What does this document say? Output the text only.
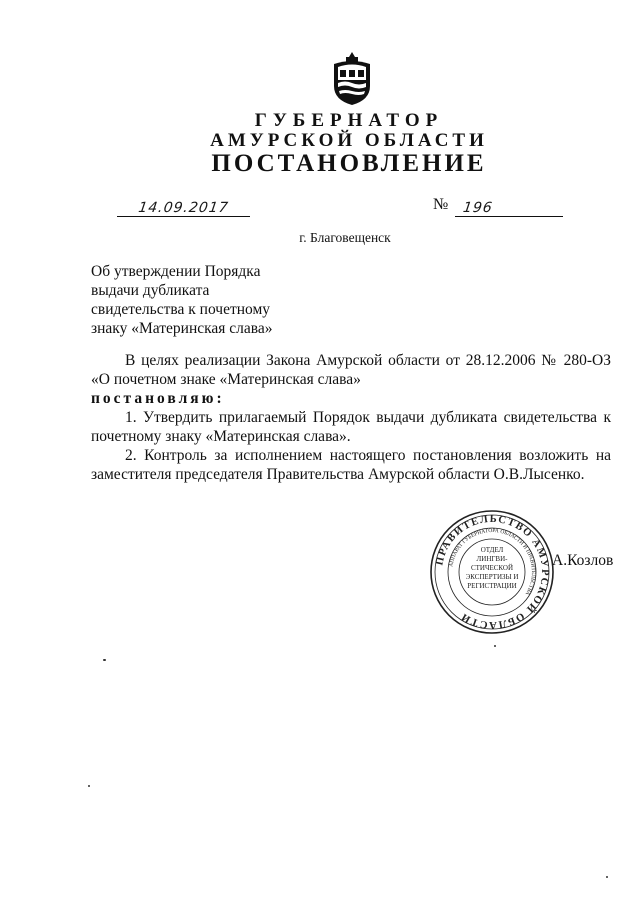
ГУБЕРНАТОР
АМУРСКОЙ ОБЛАСТИ
ПОСТАНОВЛЕНИЕ
14.09.2017	№ 196
г. Благовещенск
Об утверждении Порядка
выдачи дубликата
свидетельства к почетному
знаку «Материнская слава»

В целях реализации Закона Амурской области от 28.12.2006 № 280-ОЗ «О почетном знаке «Материнская слава»

постановляю:

1. Утвердить прилагаемый Порядок выдачи дубликата свидетельства к почетному знаку «Материнская слава».

2. Контроль за исполнением настоящего постановления возложить на заместителя председателя Правительства Амурской области О.В.Лысенко.

ПРАВИТЕЛЬСТВО АМУРСКОЙ ОБЛАСТИ
АППАРАТ ГУБЕРНАТОРА ОБЛАСТИ И ПРАВИТЕЛЬСТВА
ОТДЕЛ
ЛИНГВИ-
СТИЧЕСКОЙ
ЭКСПЕРТИЗЫ И
РЕГИСТРАЦИИ
А.Козлов
